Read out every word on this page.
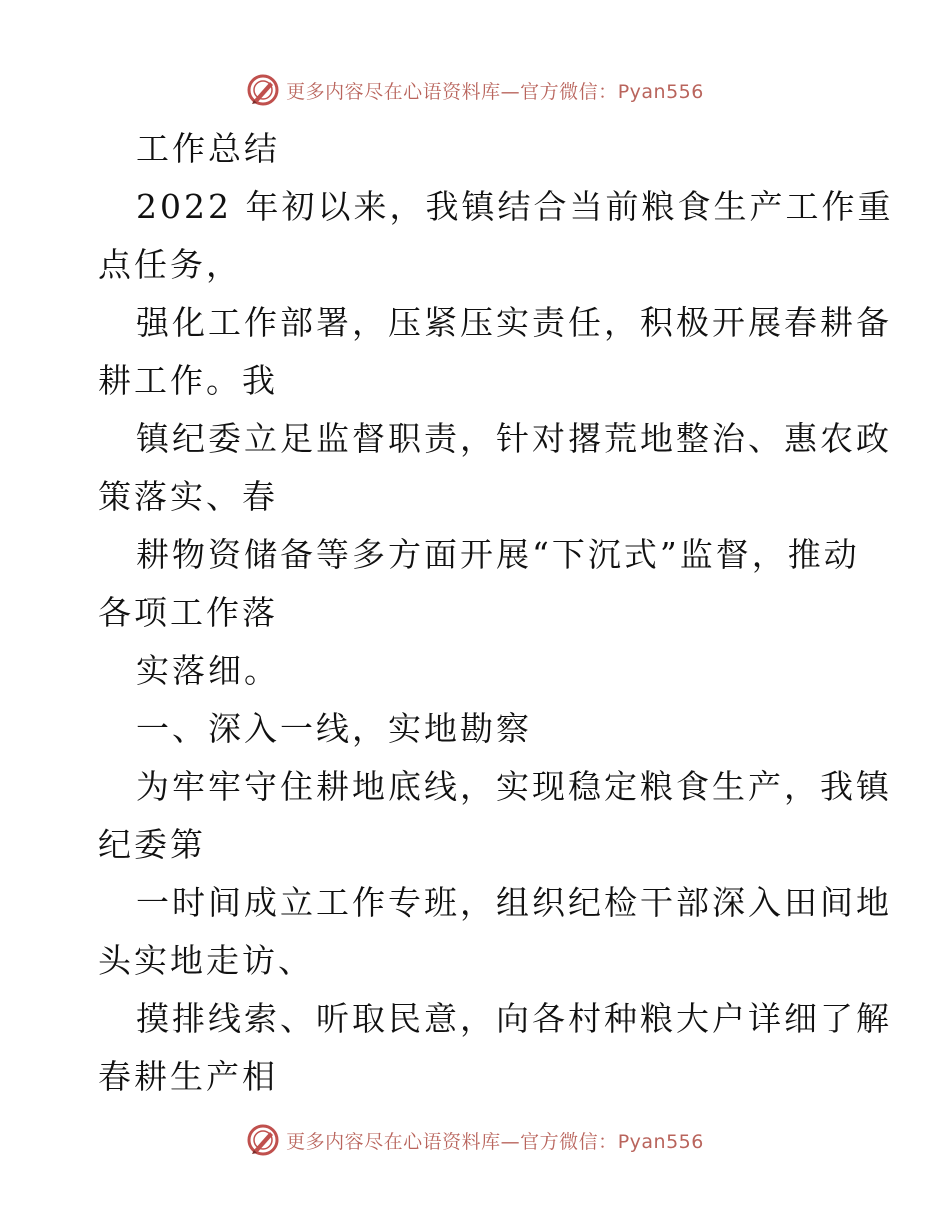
更多内容尽在心语资料库—官方微信：Pyan556
工作总结
2022 年初以来，我镇结合当前粮食生产工作重
点任务，
强化工作部署，压紧压实责任，积极开展春耕备
耕工作。我
镇纪委立足监督职责，针对撂荒地整治、惠农政
策落实、春
耕物资储备等多方面开展“下沉式”监督，推动
各项工作落
实落细。
一、深入一线，实地勘察
为牢牢守住耕地底线，实现稳定粮食生产，我镇
纪委第
一时间成立工作专班，组织纪检干部深入田间地
头实地走访、
摸排线索、听取民意，向各村种粮大户详细了解
春耕生产相
更多内容尽在心语资料库—官方微信：Pyan556
